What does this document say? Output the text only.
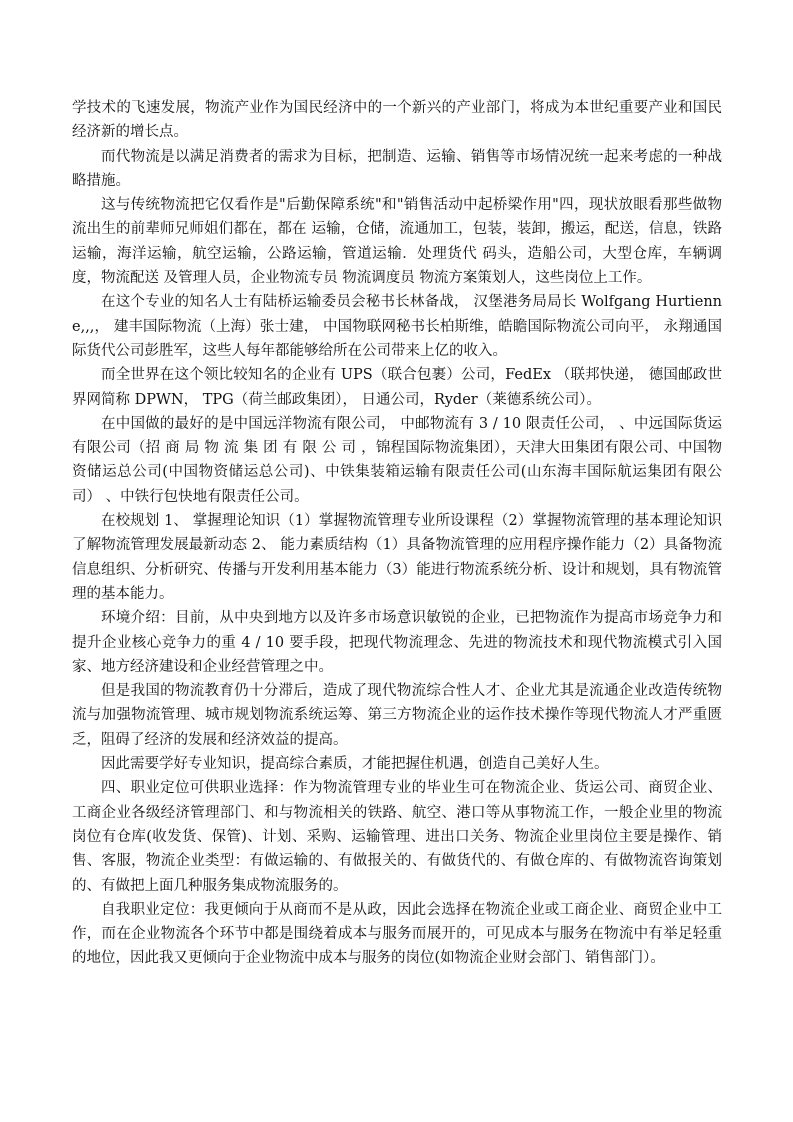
学技术的飞速发展，物流产业作为国民经济中的一个新兴的产业部门，将成为本世纪重要产业和国民经济新的增长点。

而代物流是以满足消费者的需求为目标，把制造、运输、销售等市场情况统一起来考虑的一种战略措施。

这与传统物流把它仅看作是"后勤保障系统"和"销售活动中起桥梁作用"四，现状放眼看那些做物流出生的前辈师兄师姐们都在，都在 运输，仓储，流通加工，包装，装卸，搬运，配送，信息，铁路运输，海洋运输，航空运输，公路运输，管道运输．处理货代 码头，造船公司，大型仓库，车辆调度，物流配送 及管理人员，企业物流专员 物流调度员 物流方案策划人，这些岗位上工作。

在这个专业的知名人士有陆桥运输委员会秘书长林备战， 汉堡港务局局长 Wolfgang Hurtienne,,,， 建丰国际物流（上海）张士建， 中国物联网秘书长柏斯维，皓瞻国际物流公司向平， 永翔通国际货代公司彭胜军，这些人每年都能够给所在公司带来上亿的收入。

而全世界在这个领比较知名的企业有 UPS（联合包裹）公司，FedEx （联邦快递， 德国邮政世界网简称 DPWN， TPG（荷兰邮政集团）， 日通公司，Ryder（莱德系统公司）。

在中国做的最好的是中国远洋物流有限公司， 中邮物流有 3 / 10 限责任公司， 、中远国际货运有限公司（招 商 局 物 流 集 团 有 限 公 司 ，锦程国际物流集团），天津大田集团有限公司、中国物资储运总公司(中国物资储运总公司)、中铁集装箱运输有限责任公司(山东海丰国际航运集团有限公司） 、中铁行包快地有限责任公司。

在校规划 1、 掌握理论知识（1）掌握物流管理专业所设课程（2）掌握物流管理的基本理论知识了解物流管理发展最新动态 2、 能力素质结构（1）具备物流管理的应用程序操作能力（2）具备物流信息组织、分析研究、传播与开发利用基本能力（3）能进行物流系统分析、设计和规划，具有物流管理的基本能力。

环境介绍：目前，从中央到地方以及许多市场意识敏锐的企业，已把物流作为提高市场竞争力和提升企业核心竞争力的重 4 / 10 要手段，把现代物流理念、先进的物流技术和现代物流模式引入国家、地方经济建设和企业经营管理之中。

但是我国的物流教育仍十分滞后，造成了现代物流综合性人才、企业尤其是流通企业改造传统物流与加强物流管理、城市规划物流系统运筹、第三方物流企业的运作技术操作等现代物流人才严重匮乏，阻碍了经济的发展和经济效益的提高。

因此需要学好专业知识，提高综合素质，才能把握住机遇，创造自己美好人生。

四、职业定位可供职业选择：作为物流管理专业的毕业生可在物流企业、货运公司、商贸企业、工商企业各级经济管理部门、和与物流相关的铁路、航空、港口等从事物流工作，一般企业里的物流岗位有仓库(收发货、保管)、计划、采购、运输管理、进出口关务、物流企业里岗位主要是操作、销售、客服，物流企业类型：有做运输的、有做报关的、有做货代的、有做仓库的、有做物流咨询策划的、有做把上面几种服务集成物流服务的。

自我职业定位：我更倾向于从商而不是从政，因此会选择在物流企业或工商企业、商贸企业中工作，而在企业物流各个环节中都是围绕着成本与服务而展开的，可见成本与服务在物流中有举足轻重的地位，因此我又更倾向于企业物流中成本与服务的岗位(如物流企业财会部门、销售部门）。
